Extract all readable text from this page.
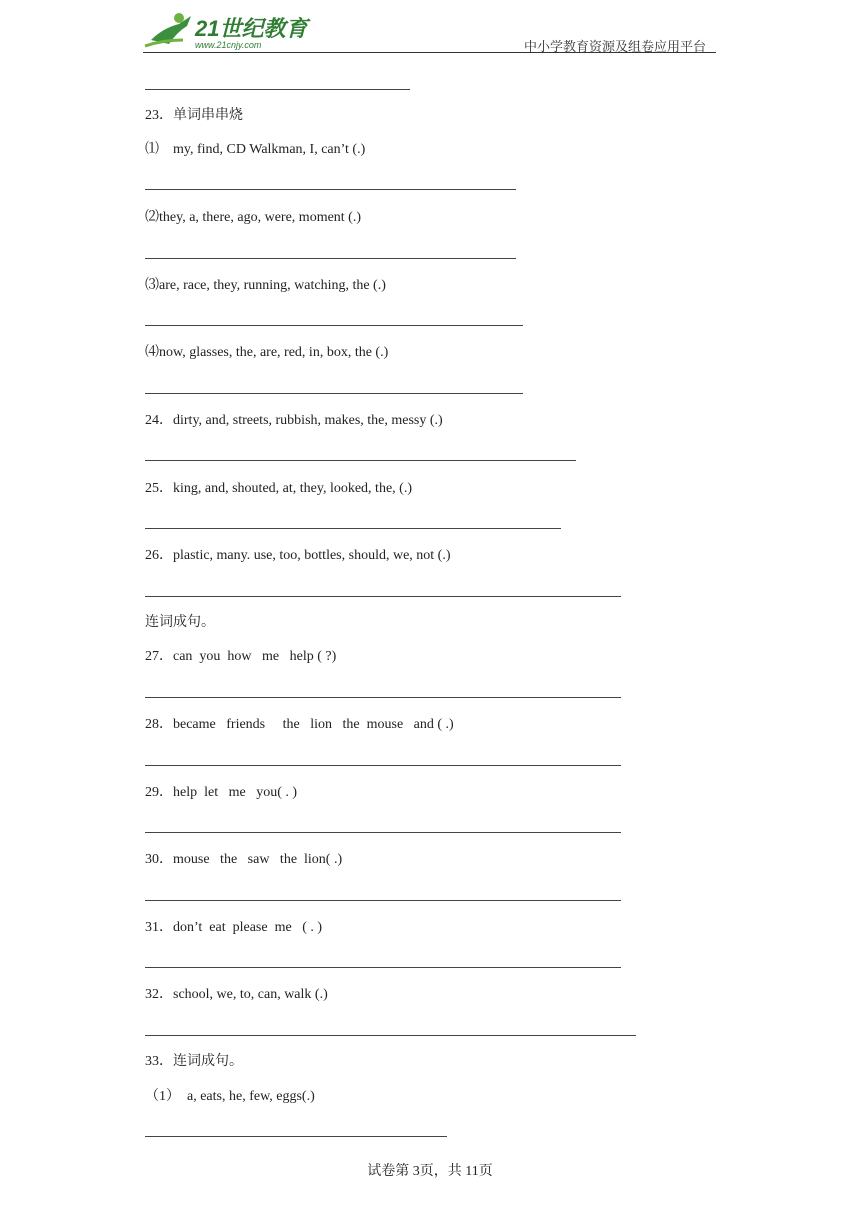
21世纪教育
www.21cnjy.com	中小学教育资源及组卷应用平台
23．单词串串烧
⑴　my, find, CD Walkman, I, can’t (.)
⑵they, a, there, ago, were, moment (.)
⑶are, race, they, running, watching, the (.)
⑷now, glasses, the, are, red, in, box, the (.)
24．dirty, and, streets, rubbish, makes, the, messy (.)
25．king, and, shouted, at, they, looked, the, (.)
26．plastic, many. use, too, bottles, should, we, not (.)
连词成句。
27．can  you  how   me   help ( ?)
28．became   friends     the   lion   the  mouse   and ( .)
29．help  let   me   you( . )
30．mouse   the   saw   the  lion( .)
31．don’t  eat  please  me   ( . )
32．school, we, to, can, walk (.)
33．连词成句。
（1）  a, eats, he, few, eggs(.)
试卷第 3页，共 11页
